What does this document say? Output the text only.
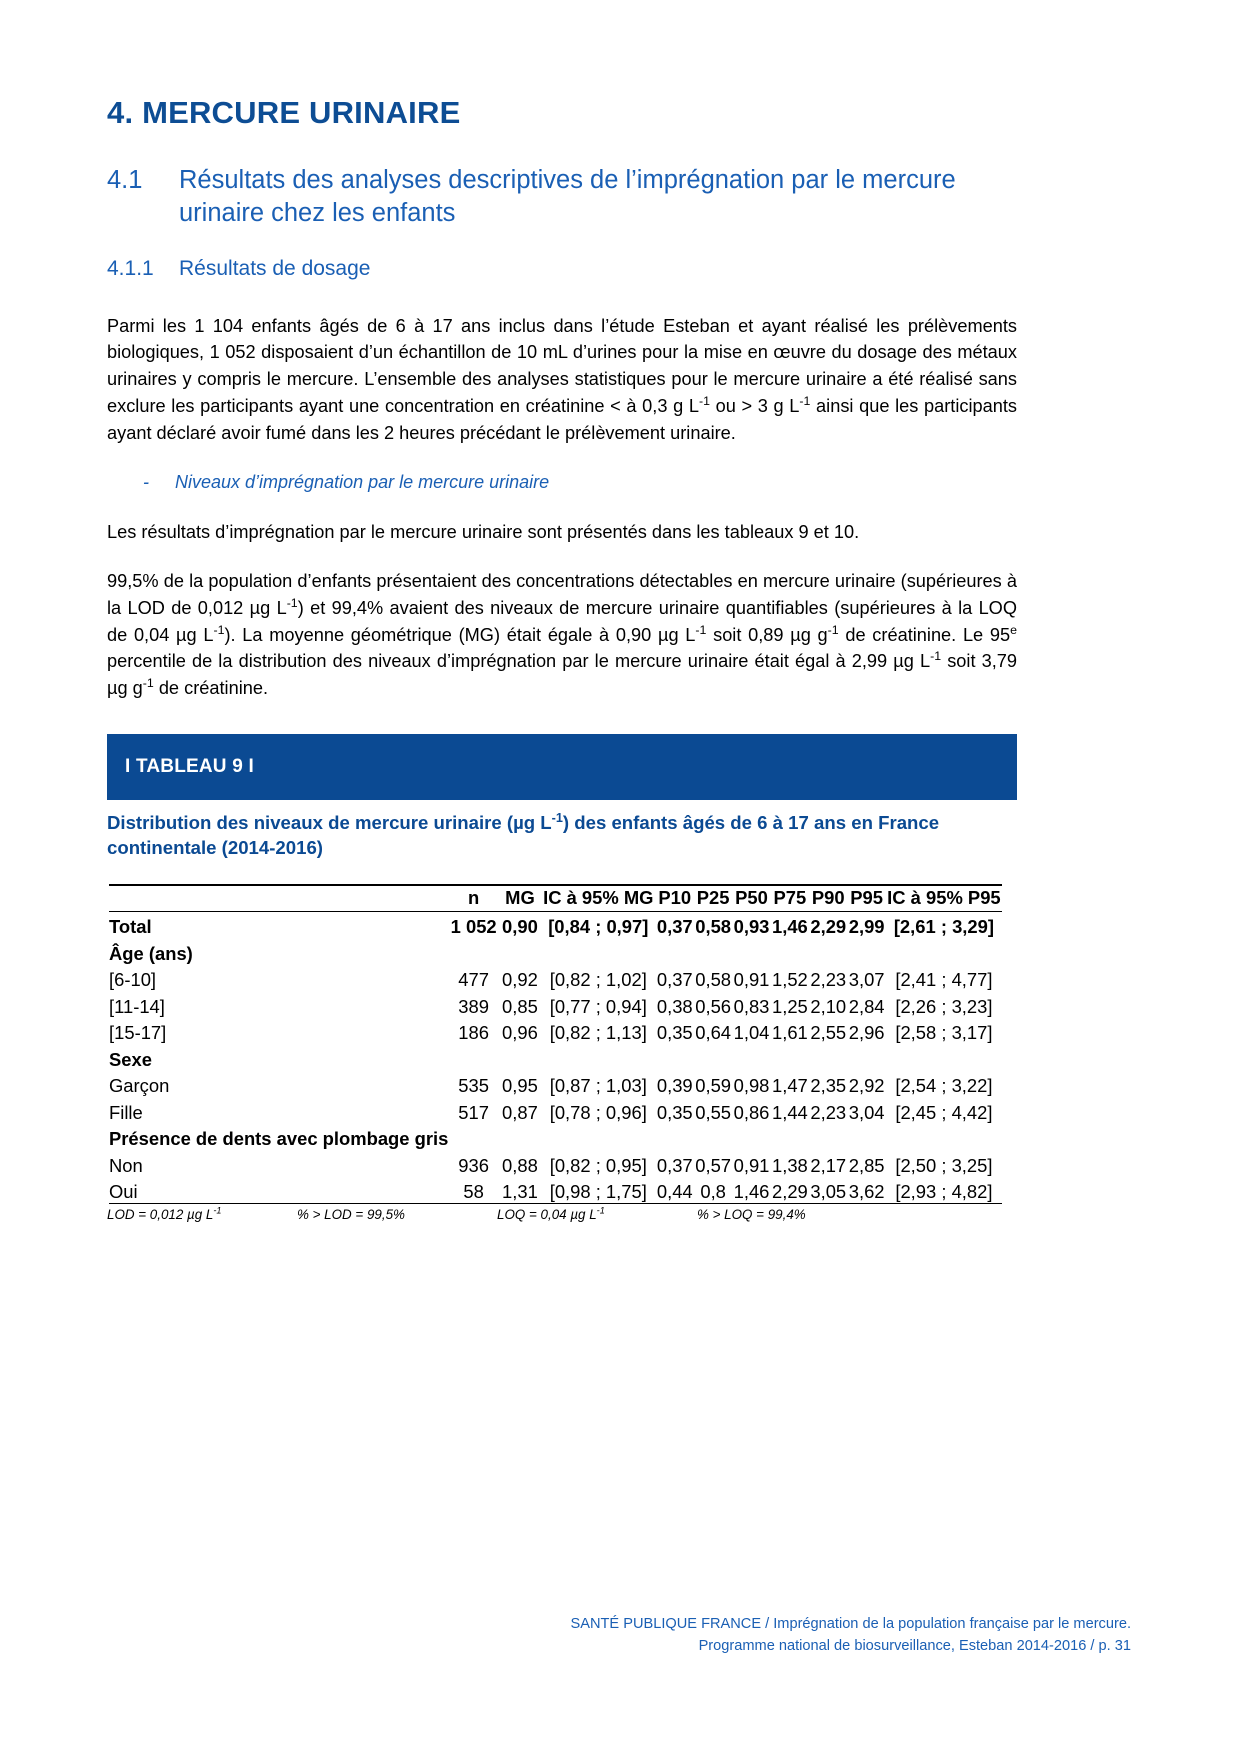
4. MERCURE URINAIRE
4.1	Résultats des analyses descriptives de l’imprégnation par le mercure urinaire chez les enfants
4.1.1	Résultats de dosage

Parmi les 1 104 enfants âgés de 6 à 17 ans inclus dans l’étude Esteban et ayant réalisé les prélèvements biologiques, 1 052 disposaient d’un échantillon de 10 mL d’urines pour la mise en œuvre du dosage des métaux urinaires y compris le mercure. L’ensemble des analyses statistiques pour le mercure urinaire a été réalisé sans exclure les participants ayant une concentration en créatinine < à 0,3 g $L^{-1}$ ou > 3 g $L^{-1}$ ainsi que les participants ayant déclaré avoir fumé dans les 2 heures précédant le prélèvement urinaire.

-	Niveaux d’imprégnation par le mercure urinaire

Les résultats d’imprégnation par le mercure urinaire sont présentés dans les tableaux 9 et 10.

99,5% de la population d’enfants présentaient des concentrations détectables en mercure urinaire (supérieures à la LOD de 0,012 µg $L^{-1}$) et 99,4% avaient des niveaux de mercure urinaire quantifiables (supérieures à la LOQ de 0,04 µg $L^{-1}$). La moyenne géométrique (MG) était égale à 0,90 µg $L^{-1}$ soit 0,89 µg $g^{-1}$ de créatinine. Le 95e percentile de la distribution des niveaux d’imprégnation par le mercure urinaire était égal à 2,99 µg $L^{-1}$ soit 3,79 µg $g^{-1}$ de créatinine.

I TABLEAU 9 I
Distribution des niveaux de mercure urinaire (µg $L^{-1}$) des enfants âgés de 6 à 17 ans en France continentale (2014-2016)
	n	MG	IC à 95% MG	P10	P25	P50	P75	P90	P95	IC à 95% P95
Total	1 052	0,90	[0,84 ; 0,97]	0,37	0,58	0,93	1,46	2,29	2,99	[2,61 ; 3,29]
Âge (ans)										
[6-10]	477	0,92	[0,82 ; 1,02]	0,37	0,58	0,91	1,52	2,23	3,07	[2,41 ; 4,77]
[11-14]	389	0,85	[0,77 ; 0,94]	0,38	0,56	0,83	1,25	2,10	2,84	[2,26 ; 3,23]
[15-17]	186	0,96	[0,82 ; 1,13]	0,35	0,64	1,04	1,61	2,55	2,96	[2,58 ; 3,17]
Sexe										
Garçon	535	0,95	[0,87 ; 1,03]	0,39	0,59	0,98	1,47	2,35	2,92	[2,54 ; 3,22]
Fille	517	0,87	[0,78 ; 0,96]	0,35	0,55	0,86	1,44	2,23	3,04	[2,45 ; 4,42]
Présence de dents avec plombage gris										
Non	936	0,88	[0,82 ; 0,95]	0,37	0,57	0,91	1,38	2,17	2,85	[2,50 ; 3,25]
Oui	58	1,31	[0,98 ; 1,75]	0,44	0,8	1,46	2,29	3,05	3,62	[2,93 ; 4,82]
LOD = 0,012 µg $L^{-1}$	% > LOD = 99,5%	LOQ = 0,04 µg $L^{-1}$	% > LOQ = 99,4%
SANTÉ PUBLIQUE FRANCE / Imprégnation de la population française par le mercure.
Programme national de biosurveillance, Esteban 2014-2016 / p. 31
